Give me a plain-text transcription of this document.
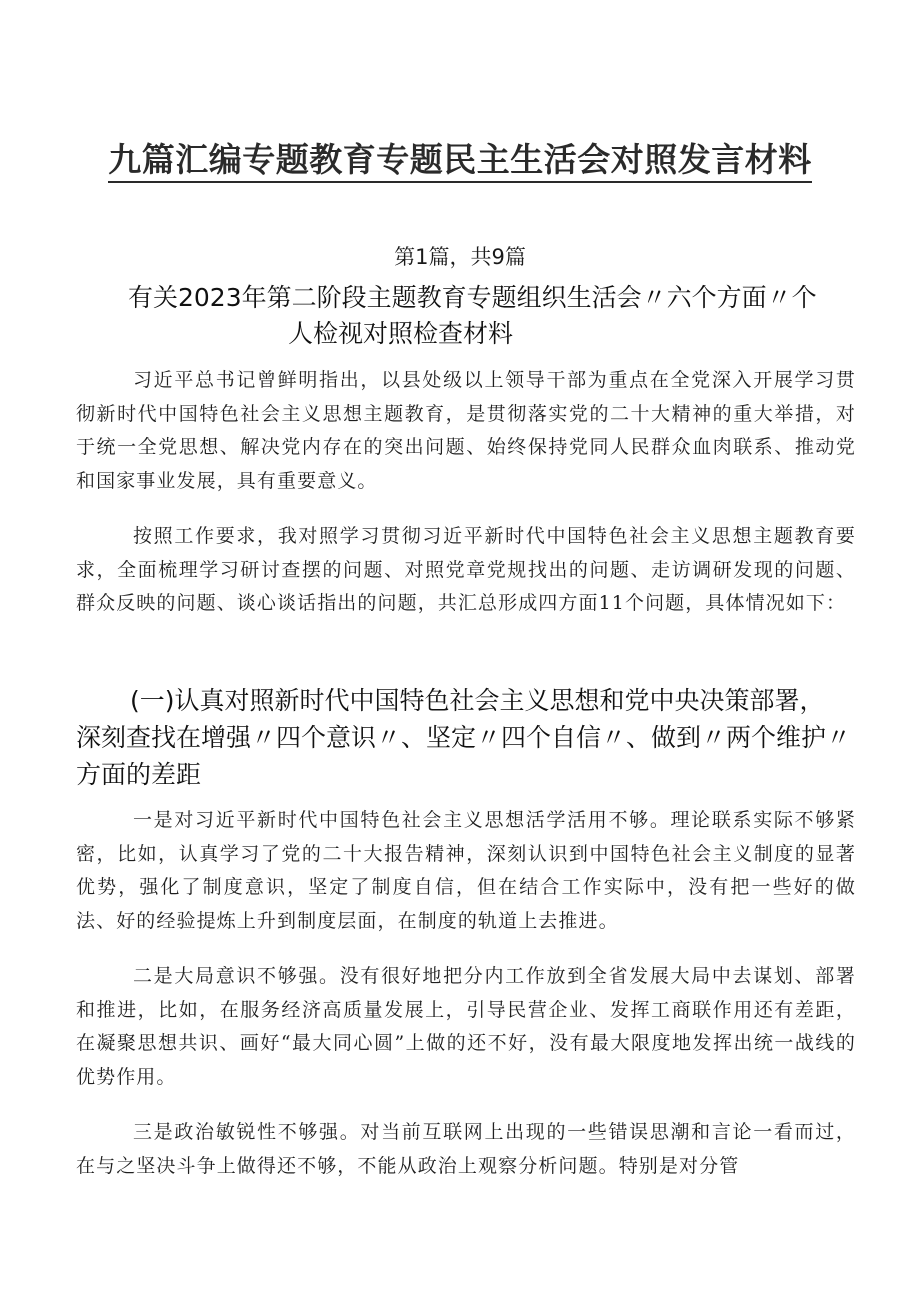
九篇汇编专题教育专题民主生活会对照发言材料

第1篇，共9篇

有关2023年第二阶段主题教育专题组织生活会〃六个方面〃个
人检视对照检查材料

习近平总书记曾鲜明指出，以县处级以上领导干部为重点在全党深入开展学习贯彻新时代中国特色社会主义思想主题教育，是贯彻落实党的二十大精神的重大举措，对于统一全党思想、解决党内存在的突出问题、始终保持党同人民群众血肉联系、推动党和国家事业发展，具有重要意义。

按照工作要求，我对照学习贯彻习近平新时代中国特色社会主义思想主题教育要求，全面梳理学习研讨查摆的问题、对照党章党规找出的问题、走访调研发现的问题、群众反映的问题、谈心谈话指出的问题，共汇总形成四方面11个问题，具体情况如下：

(一)认真对照新时代中国特色社会主义思想和党中央决策部署，
深刻查找在增强〃四个意识〃、坚定〃四个自信〃、做到〃两个维护〃
方面的差距

一是对习近平新时代中国特色社会主义思想活学活用不够。理论联系实际不够紧密，比如，认真学习了党的二十大报告精神，深刻认识到中国特色社会主义制度的显著优势，强化了制度意识，坚定了制度自信，但在结合工作实际中，没有把一些好的做法、好的经验提炼上升到制度层面，在制度的轨道上去推进。

二是大局意识不够强。没有很好地把分内工作放到全省发展大局中去谋划、部署和推进，比如，在服务经济高质量发展上，引导民营企业、发挥工商联作用还有差距，在凝聚思想共识、画好“最大同心圆”上做的还不好，没有最大限度地发挥出统一战线的优势作用。

三是政治敏锐性不够强。对当前互联网上出现的一些错误思潮和言论一看而过，在与之坚决斗争上做得还不够，不能从政治上观察分析问题。特别是对分管
